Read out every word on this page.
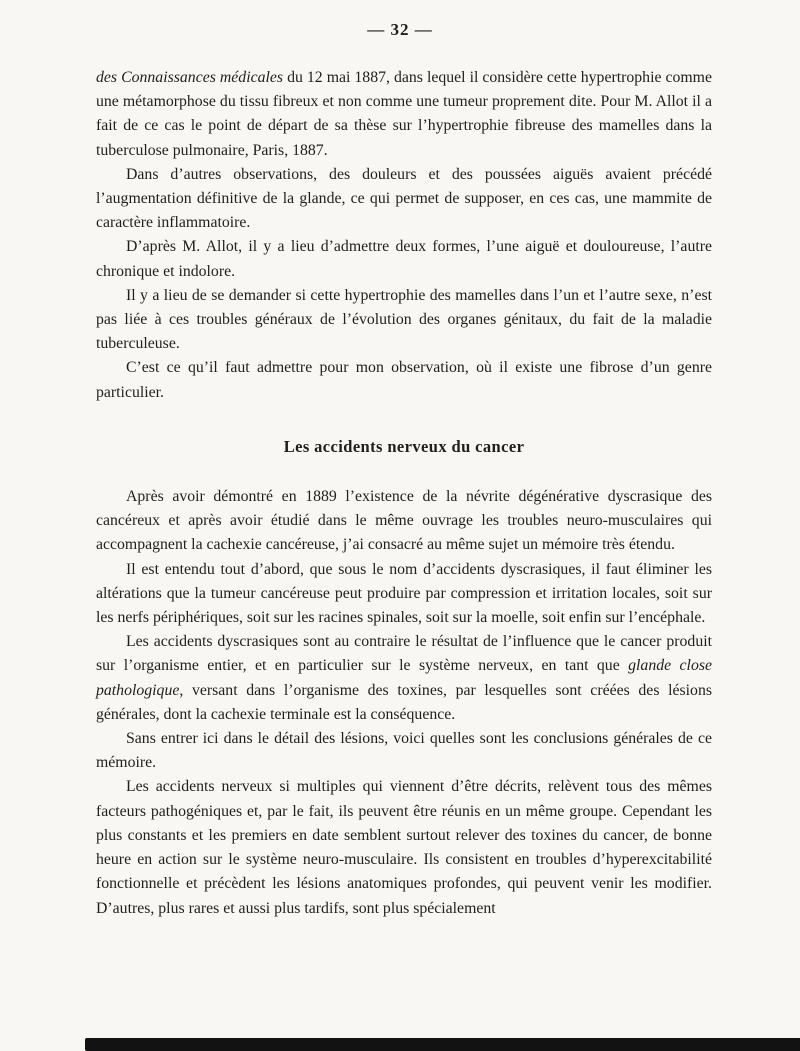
— 32 —

des Connaissances médicales du 12 mai 1887, dans lequel il considère cette hypertrophie comme une métamorphose du tissu fibreux et non comme une tumeur proprement dite. Pour M. Allot il a fait de ce cas le point de départ de sa thèse sur l’hypertrophie fibreuse des mamelles dans la tuberculose pulmonaire, Paris, 1887.

Dans d’autres observations, des douleurs et des poussées aiguës avaient précédé l’augmentation définitive de la glande, ce qui permet de supposer, en ces cas, une mammite de caractère inflammatoire.

D’après M. Allot, il y a lieu d’admettre deux formes, l’une aiguë et douloureuse, l’autre chronique et indolore.

Il y a lieu de se demander si cette hypertrophie des mamelles dans l’un et l’autre sexe, n’est pas liée à ces troubles généraux de l’évolution des organes génitaux, du fait de la maladie tuberculeuse.

C’est ce qu’il faut admettre pour mon observation, où il existe une fibrose d’un genre particulier.

Les accidents nerveux du cancer

Après avoir démontré en 1889 l’existence de la névrite dégénérative dyscrasique des cancéreux et après avoir étudié dans le même ouvrage les troubles neuro-musculaires qui accompagnent la cachexie cancéreuse, j’ai consacré au même sujet un mémoire très étendu.

Il est entendu tout d’abord, que sous le nom d’accidents dyscrasiques, il faut éliminer les altérations que la tumeur cancéreuse peut produire par compression et irritation locales, soit sur les nerfs périphériques, soit sur les racines spinales, soit sur la moelle, soit enfin sur l’encéphale.

Les accidents dyscrasiques sont au contraire le résultat de l’influence que le cancer produit sur l’organisme entier, et en particulier sur le système nerveux, en tant que glande close pathologique, versant dans l’organisme des toxines, par lesquelles sont créées des lésions générales, dont la cachexie terminale est la conséquence.

Sans entrer ici dans le détail des lésions, voici quelles sont les conclusions générales de ce mémoire.

Les accidents nerveux si multiples qui viennent d’être décrits, relèvent tous des mêmes facteurs pathogéniques et, par le fait, ils peuvent être réunis en un même groupe. Cependant les plus constants et les premiers en date semblent surtout relever des toxines du cancer, de bonne heure en action sur le système neuro-musculaire. Ils consistent en troubles d’hyperexcitabilité fonctionnelle et précèdent les lésions anatomiques profondes, qui peuvent venir les modifier. D’autres, plus rares et aussi plus tardifs, sont plus spécialement
